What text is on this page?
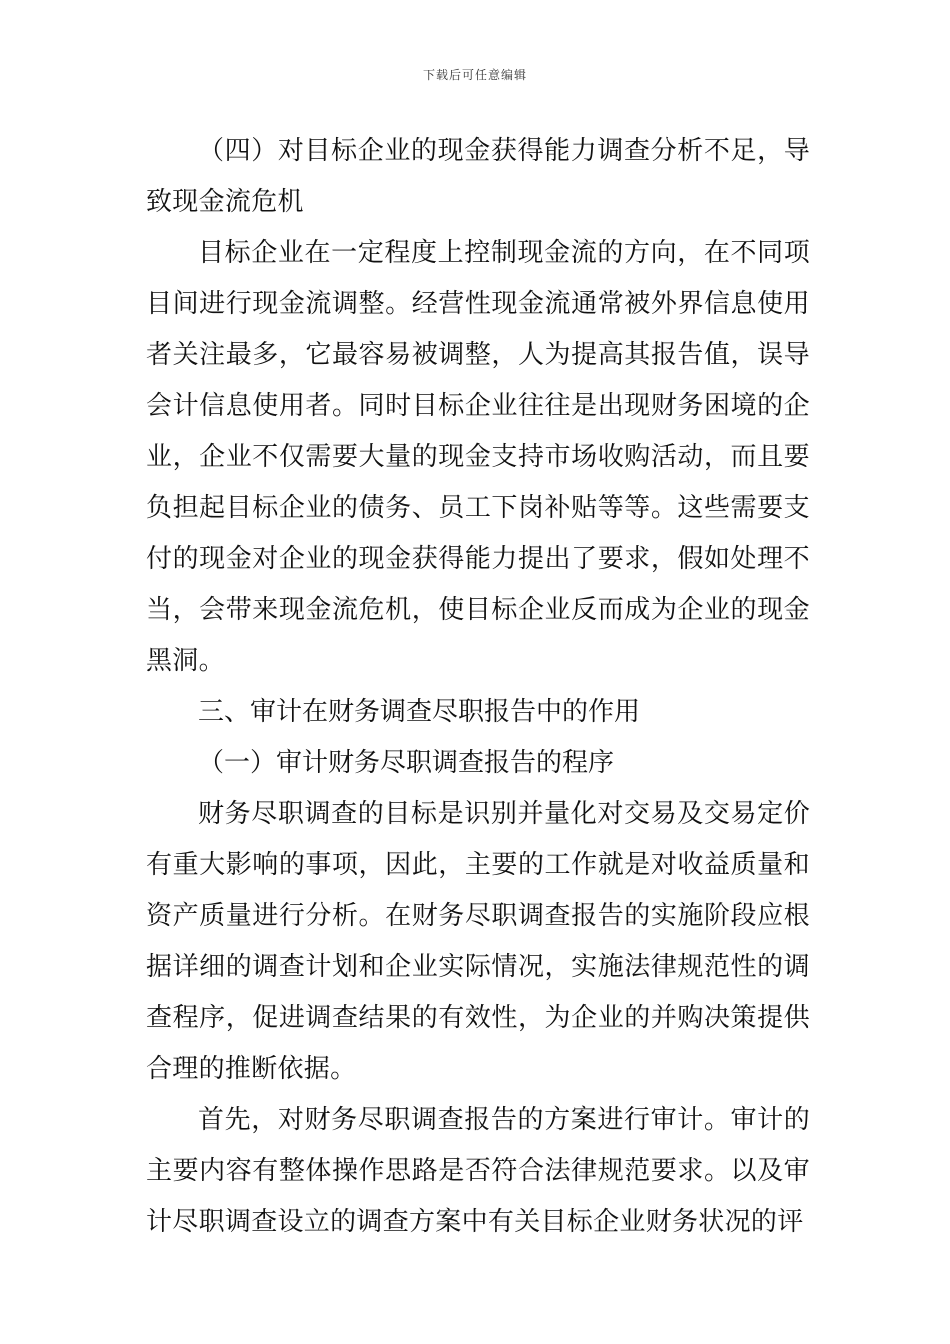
下载后可任意编辑

（四）对目标企业的现金获得能力调查分析不足，导致现金流危机

目标企业在一定程度上控制现金流的方向，在不同项目间进行现金流调整。经营性现金流通常被外界信息使用者关注最多，它最容易被调整，人为提高其报告值，误导会计信息使用者。同时目标企业往往是出现财务困境的企业，企业不仅需要大量的现金支持市场收购活动，而且要负担起目标企业的债务、员工下岗补贴等等。这些需要支付的现金对企业的现金获得能力提出了要求，假如处理不当，会带来现金流危机，使目标企业反而成为企业的现金黑洞。

三、审计在财务调查尽职报告中的作用

（一）审计财务尽职调查报告的程序

财务尽职调查的目标是识别并量化对交易及交易定价有重大影响的事项，因此，主要的工作就是对收益质量和资产质量进行分析。在财务尽职调查报告的实施阶段应根据详细的调查计划和企业实际情况，实施法律规范性的调查程序，促进调查结果的有效性，为企业的并购决策提供合理的推断依据。

首先，对财务尽职调查报告的方案进行审计。审计的主要内容有整体操作思路是否符合法律规范要求。以及审计尽职调查设立的调查方案中有关目标企业财务状况的评
